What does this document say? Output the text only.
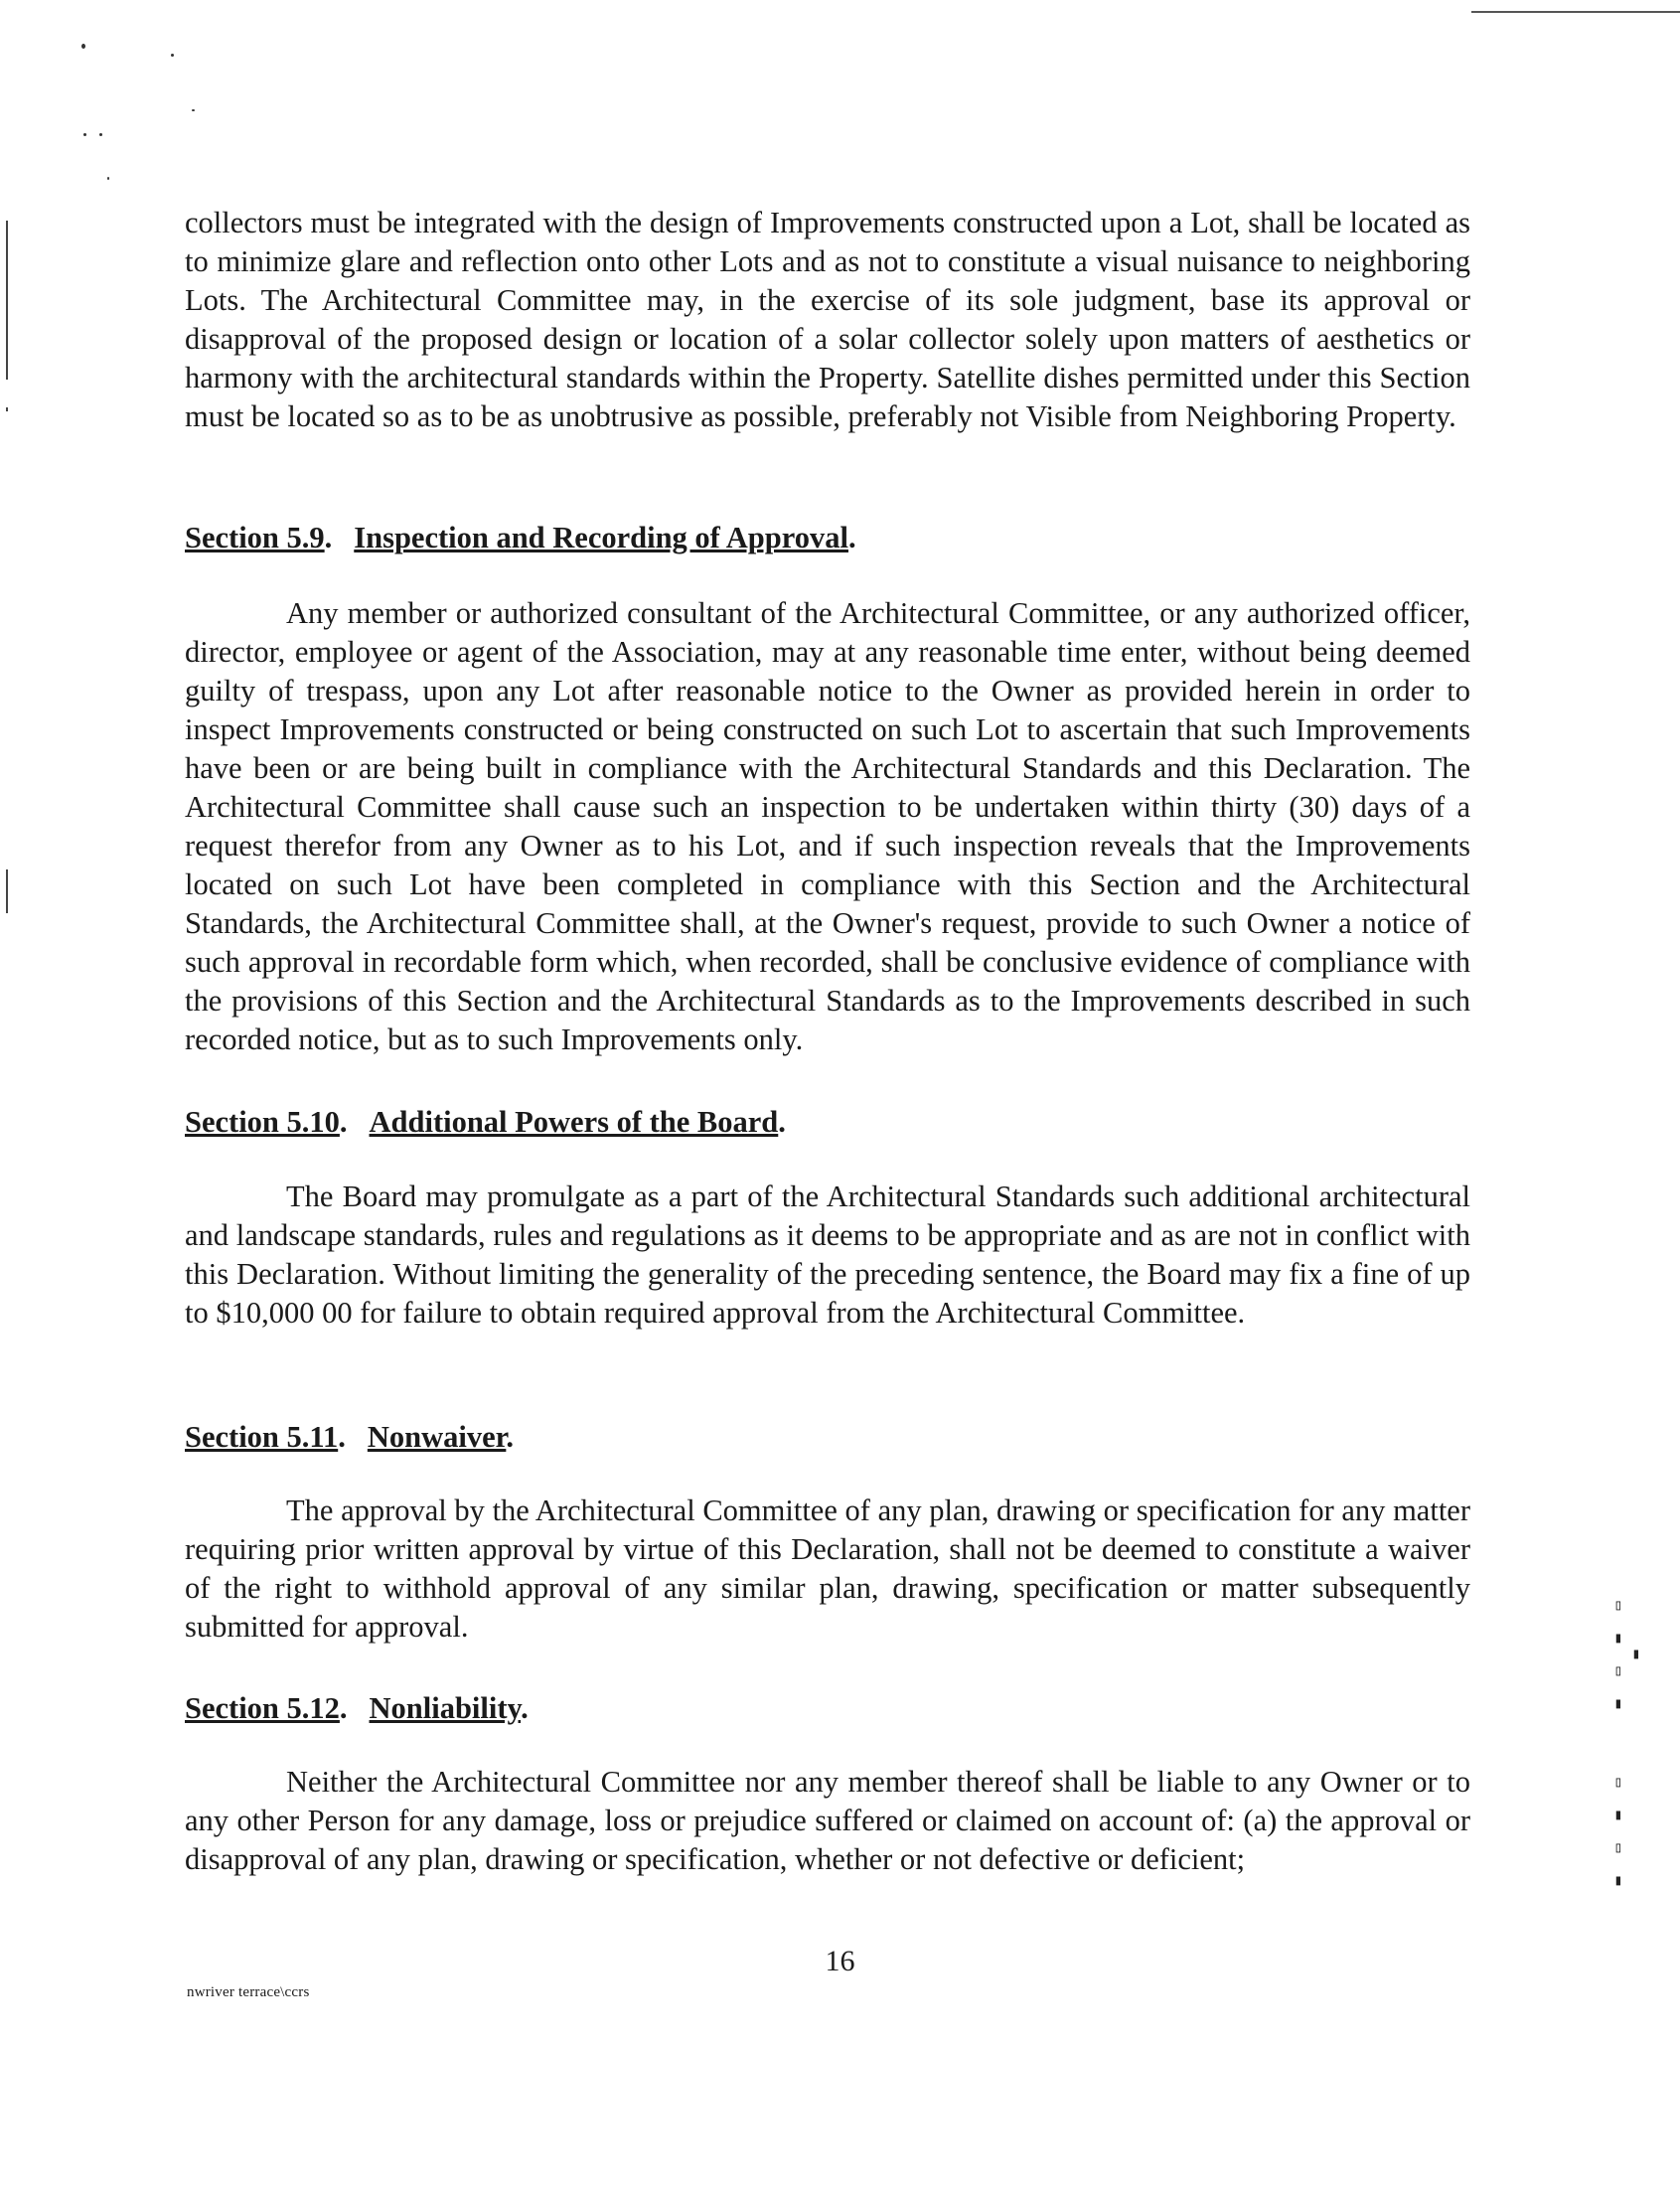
collectors must be integrated with the design of Improvements constructed upon a Lot, shall be located as to minimize glare and reflection onto other Lots and as not to constitute a visual nuisance to neighboring Lots. The Architectural Committee may, in the exercise of its sole judgment, base its approval or disapproval of the proposed design or location of a solar collector solely upon matters of aesthetics or harmony with the architectural standards within the Property. Satellite dishes permitted under this Section must be located so as to be as unobtrusive as possible, preferably not Visible from Neighboring Property.

Section 5.9. Inspection and Recording of Approval.

Any member or authorized consultant of the Architectural Committee, or any authorized officer, director, employee or agent of the Association, may at any reasonable time enter, without being deemed guilty of trespass, upon any Lot after reasonable notice to the Owner as provided herein in order to inspect Improvements constructed or being constructed on such Lot to ascertain that such Improvements have been or are being built in compliance with the Architectural Standards and this Declaration. The Architectural Committee shall cause such an inspection to be undertaken within thirty (30) days of a request therefor from any Owner as to his Lot, and if such inspection reveals that the Improvements located on such Lot have been completed in compliance with this Section and the Architectural Standards, the Architectural Committee shall, at the Owner's request, provide to such Owner a notice of such approval in recordable form which, when recorded, shall be conclusive evidence of compliance with the provisions of this Section and the Architectural Standards as to the Improvements described in such recorded notice, but as to such Improvements only.

Section 5.10. Additional Powers of the Board.

The Board may promulgate as a part of the Architectural Standards such additional architectural and landscape standards, rules and regulations as it deems to be appropriate and as are not in conflict with this Declaration. Without limiting the generality of the preceding sentence, the Board may fix a fine of up to $10,000 00 for failure to obtain required approval from the Architectural Committee.

Section 5.11. Nonwaiver.

The approval by the Architectural Committee of any plan, drawing or specification for any matter requiring prior written approval by virtue of this Declaration, shall not be deemed to constitute a waiver of the right to withhold approval of any similar plan, drawing, specification or matter subsequently submitted for approval.

Section 5.12. Nonliability.

Neither the Architectural Committee nor any member thereof shall be liable to any Owner or to any other Person for any damage, loss or prejudice suffered or claimed on account of: (a) the approval or disapproval of any plan, drawing or specification, whether or not defective or deficient;

▮ ▯ ▮ ▯ ▮
▮ ▯ ▮ ▯
16
nwriver terrace\ccrs
